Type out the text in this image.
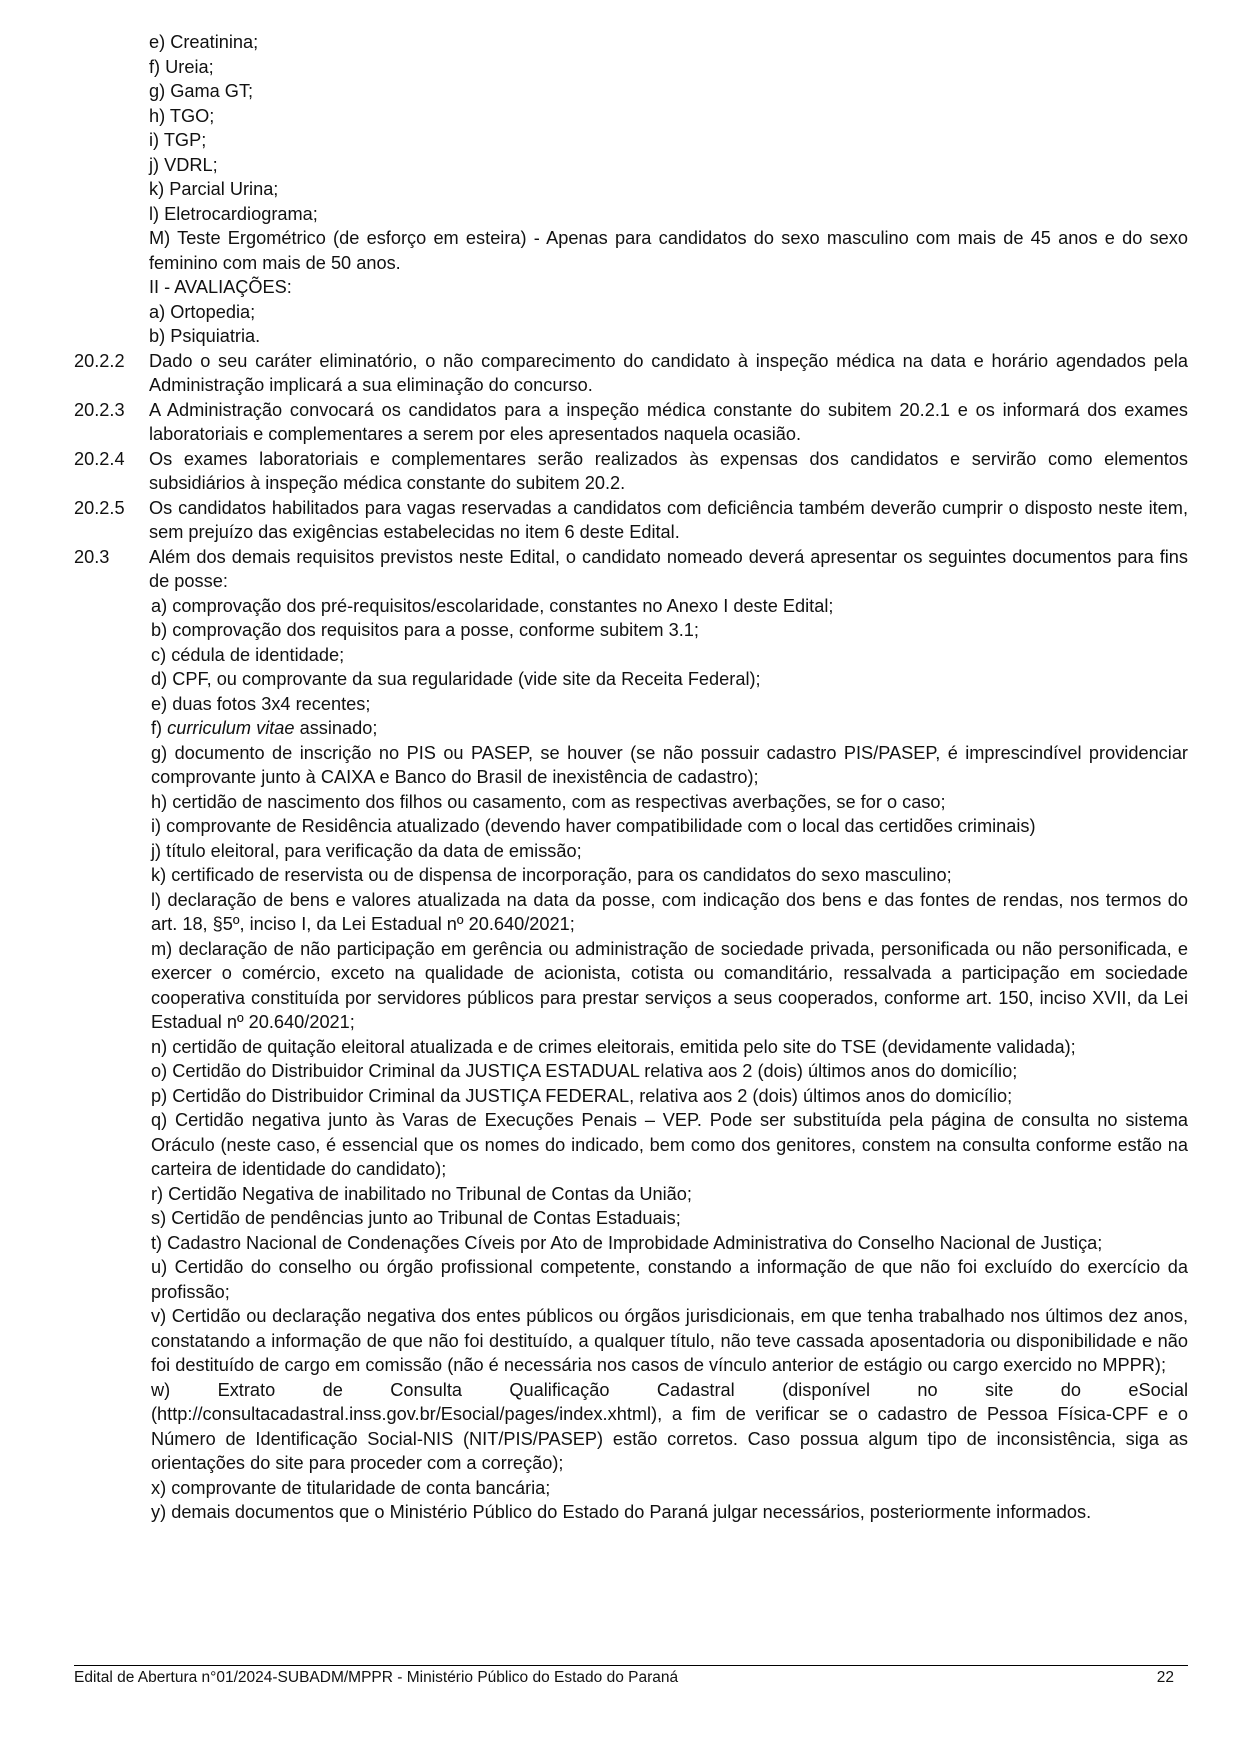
e) Creatinina;
f) Ureia;
g) Gama GT;
h) TGO;
i) TGP;
j) VDRL;
k) Parcial Urina;
l) Eletrocardiograma;
M) Teste Ergométrico (de esforço em esteira) - Apenas para candidatos do sexo masculino com mais de 45 anos e do sexo feminino com mais de 50 anos.
II - AVALIAÇÕES:
a) Ortopedia;
b) Psiquiatria.
20.2.2	Dado o seu caráter eliminatório, o não comparecimento do candidato à inspeção médica na data e horário agendados pela Administração implicará a sua eliminação do concurso.
20.2.3	A Administração convocará os candidatos para a inspeção médica constante do subitem 20.2.1 e os informará dos exames laboratoriais e complementares a serem por eles apresentados naquela ocasião.
20.2.4	Os exames laboratoriais e complementares serão realizados às expensas dos candidatos e servirão como elementos subsidiários à inspeção médica constante do subitem 20.2.
20.2.5	Os candidatos habilitados para vagas reservadas a candidatos com deficiência também deverão cumprir o disposto neste item, sem prejuízo das exigências estabelecidas no item 6 deste Edital.
20.3	Além dos demais requisitos previstos neste Edital, o candidato nomeado deverá apresentar os seguintes documentos para fins de posse:
a) comprovação dos pré-requisitos/escolaridade, constantes no Anexo I deste Edital;
b) comprovação dos requisitos para a posse, conforme subitem 3.1;
c) cédula de identidade;
d) CPF, ou comprovante da sua regularidade (vide site da Receita Federal);
e) duas fotos 3x4 recentes;
f) curriculum vitae assinado;
g) documento de inscrição no PIS ou PASEP, se houver (se não possuir cadastro PIS/PASEP, é imprescindível providenciar comprovante junto à CAIXA e Banco do Brasil de inexistência de cadastro);
h) certidão de nascimento dos filhos ou casamento, com as respectivas averbações, se for o caso;
i) comprovante de Residência atualizado (devendo haver compatibilidade com o local das certidões criminais)
j) título eleitoral, para verificação da data de emissão;
k) certificado de reservista ou de dispensa de incorporação, para os candidatos do sexo masculino;
l) declaração de bens e valores atualizada na data da posse, com indicação dos bens e das fontes de rendas, nos termos do art. 18, §5º, inciso I, da Lei Estadual nº 20.640/2021;
m) declaração de não participação em gerência ou administração de sociedade privada, personificada ou não personificada, e exercer o comércio, exceto na qualidade de acionista, cotista ou comanditário, ressalvada a participação em sociedade cooperativa constituída por servidores públicos para prestar serviços a seus cooperados, conforme art. 150, inciso XVII, da Lei Estadual nº 20.640/2021;
n) certidão de quitação eleitoral atualizada e de crimes eleitorais, emitida pelo site do TSE (devidamente validada);
o) Certidão do Distribuidor Criminal da JUSTIÇA ESTADUAL relativa aos 2 (dois) últimos anos do domicílio;
p) Certidão do Distribuidor Criminal da JUSTIÇA FEDERAL, relativa aos 2 (dois) últimos anos do domicílio;
q) Certidão negativa junto às Varas de Execuções Penais – VEP. Pode ser substituída pela página de consulta no sistema Oráculo (neste caso, é essencial que os nomes do indicado, bem como dos genitores, constem na consulta conforme estão na carteira de identidade do candidato);
r) Certidão Negativa de inabilitado no Tribunal de Contas da União;
s) Certidão de pendências junto ao Tribunal de Contas Estaduais;
t) Cadastro Nacional de Condenações Cíveis por Ato de Improbidade Administrativa do Conselho Nacional de Justiça;
u) Certidão do conselho ou órgão profissional competente, constando a informação de que não foi excluído do exercício da profissão;
v) Certidão ou declaração negativa dos entes públicos ou órgãos jurisdicionais, em que tenha trabalhado nos últimos dez anos, constatando a informação de que não foi destituído, a qualquer título, não teve cassada aposentadoria ou disponibilidade e não foi destituído de cargo em comissão (não é necessária nos casos de vínculo anterior de estágio ou cargo exercido no MPPR);
w) Extrato de Consulta Qualificação Cadastral (disponível no site do eSocial (http://consultacadastral.inss.gov.br/Esocial/pages/index.xhtml), a fim de verificar se o cadastro de Pessoa Física-CPF e o Número de Identificação Social-NIS (NIT/PIS/PASEP) estão corretos. Caso possua algum tipo de inconsistência, siga as orientações do site para proceder com a correção);
x) comprovante de titularidade de conta bancária;
y) demais documentos que o Ministério Público do Estado do Paraná julgar necessários, posteriormente informados.
Edital de Abertura n°01/2024-SUBADM/MPPR - Ministério Público do Estado do Paraná	22
